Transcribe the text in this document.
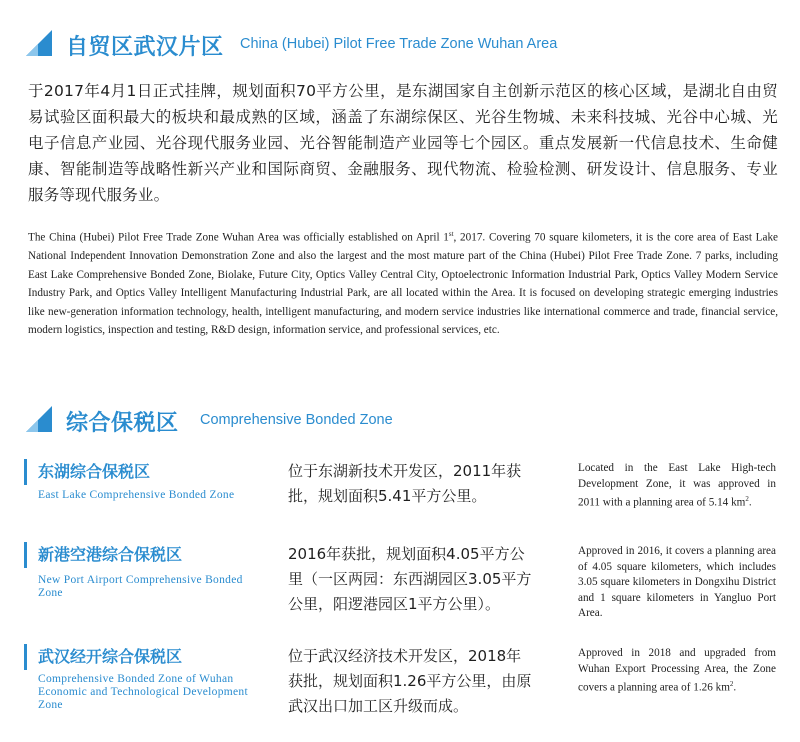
自贸区武汉片区 China (Hubei) Pilot Free Trade Zone Wuhan Area

于2017年4月1日正式挂牌，规划面积70平方公里，是东湖国家自主创新示范区的核心区域，是湖北自由贸易试验区面积最大的板块和最成熟的区域，涵盖了东湖综保区、光谷生物城、未来科技城、光谷中心城、光电子信息产业园、光谷现代服务业园、光谷智能制造产业园等七个园区。重点发展新一代信息技术、生命健康、智能制造等战略性新兴产业和国际商贸、金融服务、现代物流、检验检测、研发设计、信息服务、专业服务等现代服务业。

The China (Hubei) Pilot Free Trade Zone Wuhan Area was officially established on April 1st, 2017. Covering 70 square kilometers, it is the core area of East Lake National Independent Innovation Demonstration Zone and also the largest and the most mature part of the China (Hubei) Pilot Free Trade Zone. 7 parks, including East Lake Comprehensive Bonded Zone, Biolake, Future City, Optics Valley Central City, Optoelectronic Information Industrial Park, Optics Valley Modern Service Industry Park, and Optics Valley Intelligent Manufacturing Industrial Park, are all located within the Area. It is focused on developing strategic emerging industries like new-generation information technology, health, intelligent manufacturing, and modern service industries like international commerce and trade, financial service, modern logistics, inspection and testing, R&D design, information service, and professional services, etc.

综合保税区 Comprehensive Bonded Zone
东湖综合保税区
East Lake Comprehensive Bonded Zone
位于东湖新技术开发区，2011年获批，规划面积5.41平方公里。
Located in the East Lake High-tech Development Zone, it was approved in 2011 with a planning area of 5.14 $km^2$.
新港空港综合保税区
New Port Airport Comprehensive Bonded Zone
2016年获批，规划面积4.05平方公里（一区两园：东西湖园区3.05平方公里，阳逻港园区1平方公里）。
Approved in 2016, it covers a planning area of 4.05 square kilometers, which includes 3.05 square kilometers in Dongxihu District and 1 square kilometers in Yangluo Port Area.
武汉经开综合保税区
Comprehensive Bonded Zone of Wuhan Economic and Technological Development Zone
位于武汉经济技术开发区，2018年获批，规划面积1.26平方公里，由原武汉出口加工区升级而成。
Approved in 2018 and upgraded from Wuhan Export Processing Area, the Zone covers a planning area of 1.26 $km^2$.
